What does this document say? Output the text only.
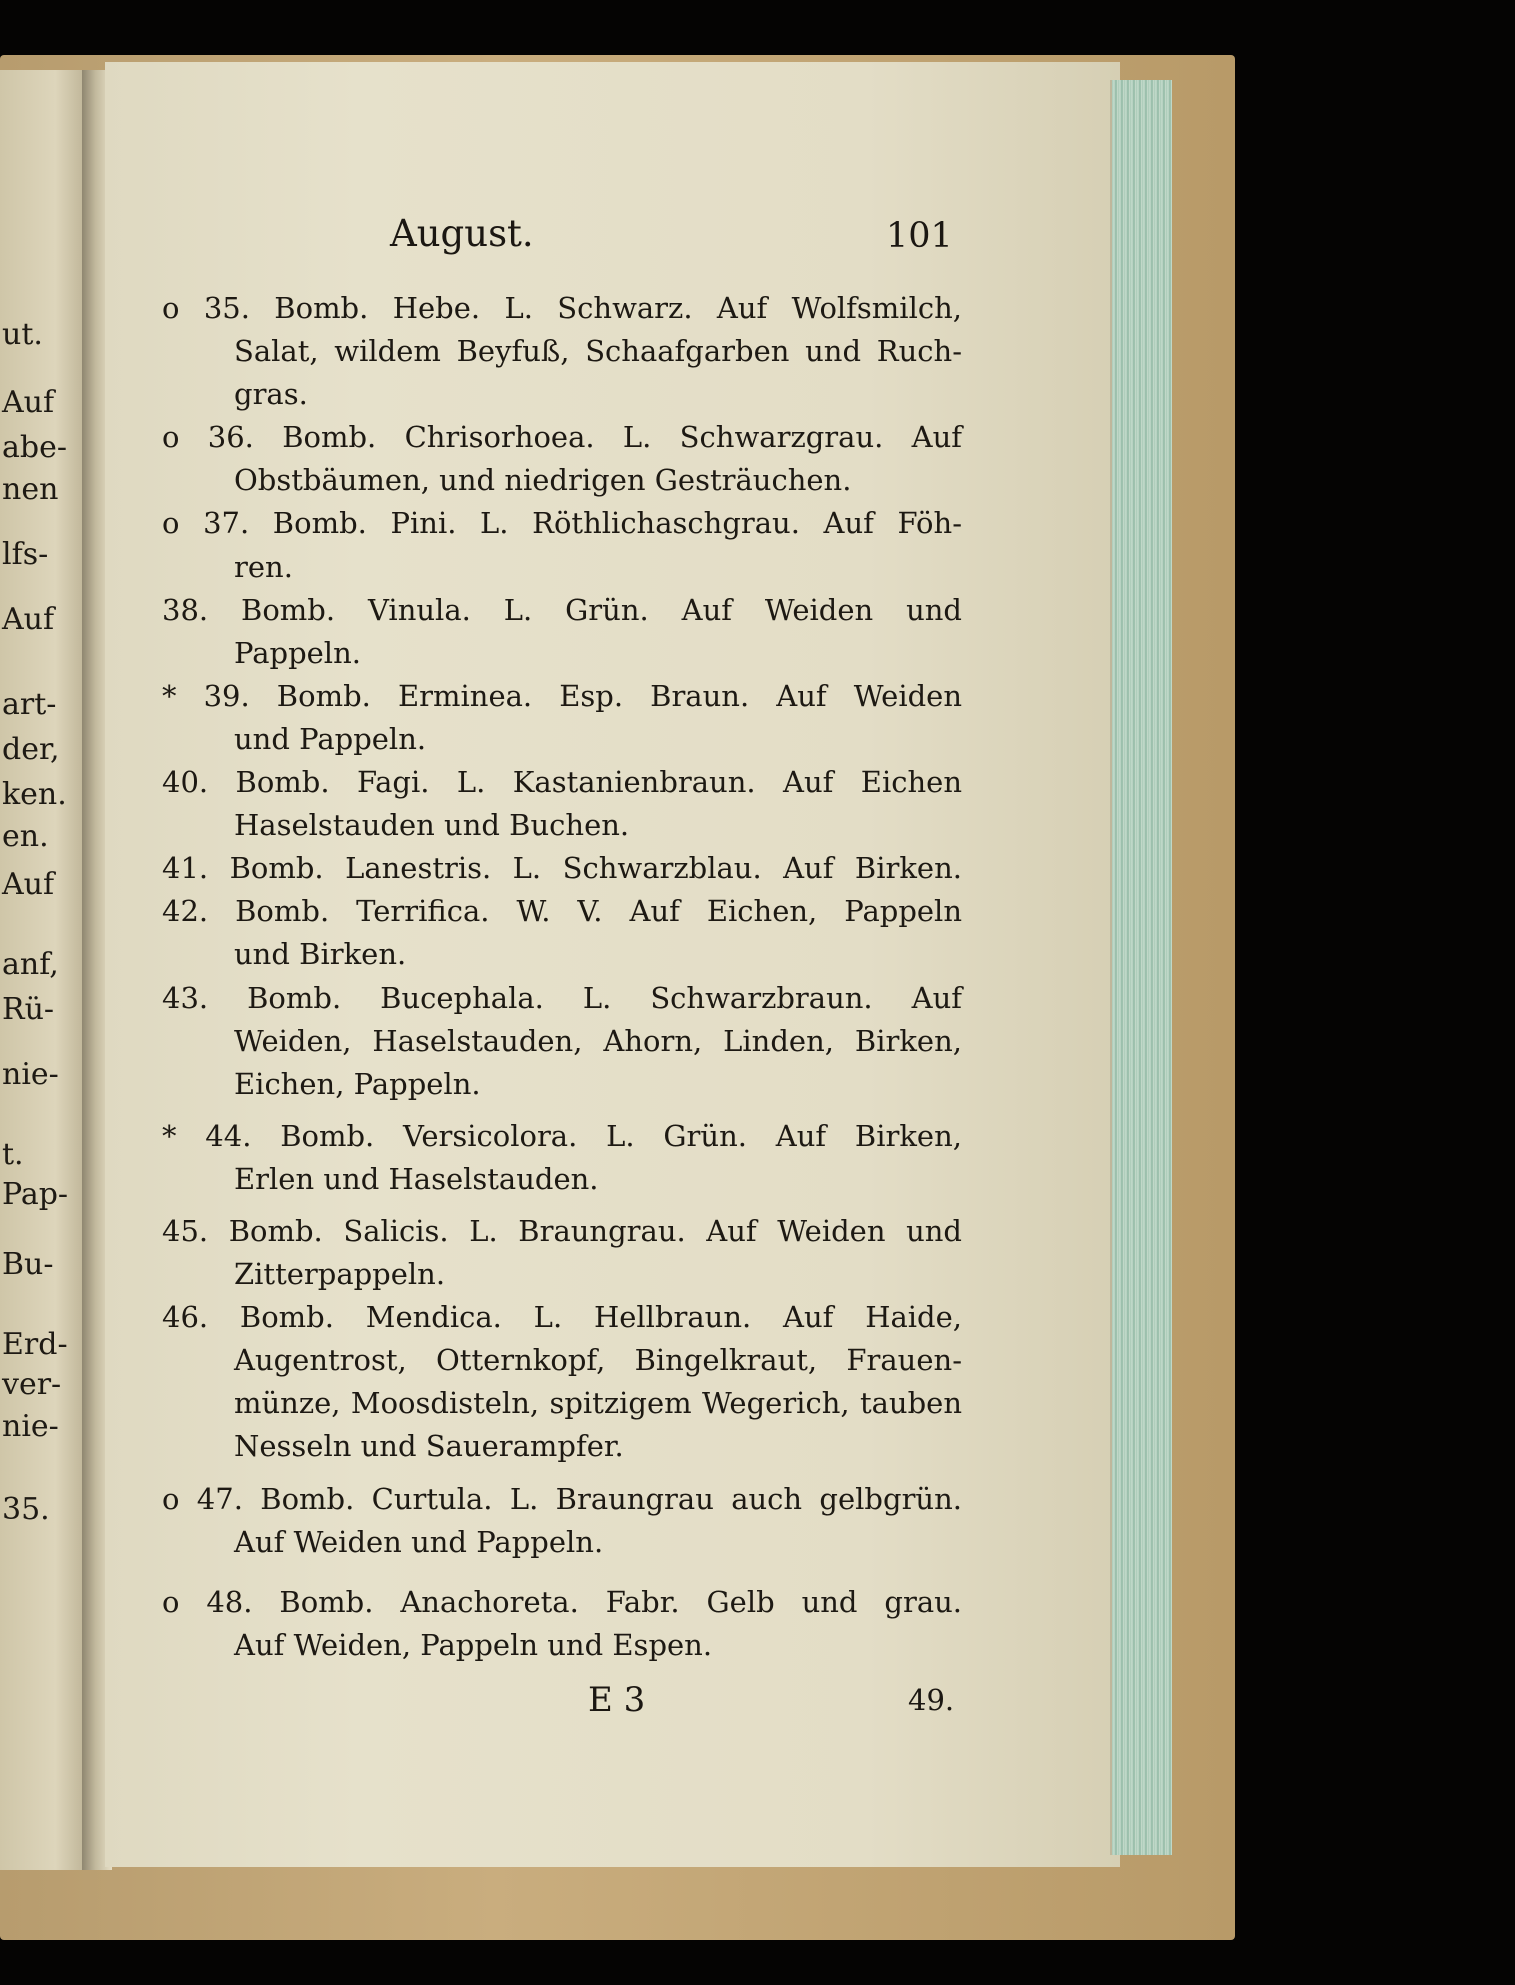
ut.
Auf
abe-
nen
lfs-
Auf
art-
der,
ken.
en.
Auf
anf,
Rü-
nie-
t.
Pap-
Bu-
Erd-
ver-
nie-
35.
August.	101
o 35. Bomb. Hebe. L. Schwarz. Auf Wolfsmilch,
Salat, wildem Beyfuß, Schaafgarben und Ruch-
gras.
o 36. Bomb. Chrisorhoea. L. Schwarzgrau. Auf
Obstbäumen, und niedrigen Gesträuchen.
o 37. Bomb. Pini. L. Röthlichaschgrau. Auf Föh-
ren.
38. Bomb. Vinula. L. Grün. Auf Weiden und
Pappeln.
* 39. Bomb. Erminea. Esp. Braun. Auf Weiden
und Pappeln.
40. Bomb. Fagi. L. Kastanienbraun. Auf Eichen
Haselstauden und Buchen.
41. Bomb. Lanestris. L. Schwarzblau. Auf Birken.
42. Bomb. Terrifica. W. V. Auf Eichen, Pappeln
und Birken.
43. Bomb. Bucephala. L. Schwarzbraun. Auf
Weiden, Haselstauden, Ahorn, Linden, Birken,
Eichen, Pappeln.
* 44. Bomb. Versicolora. L. Grün. Auf Birken,
Erlen und Haselstauden.
45. Bomb. Salicis. L. Braungrau. Auf Weiden und
Zitterpappeln.
46. Bomb. Mendica. L. Hellbraun. Auf Haide,
Augentrost, Otternkopf, Bingelkraut, Frauen-
münze, Moosdisteln, spitzigem Wegerich, tauben
Nesseln und Sauerampfer.
o 47. Bomb. Curtula. L. Braungrau auch gelbgrün.
Auf Weiden und Pappeln.
o 48. Bomb. Anachoreta. Fabr. Gelb und grau.
Auf Weiden, Pappeln und Espen.
E 3	49.
